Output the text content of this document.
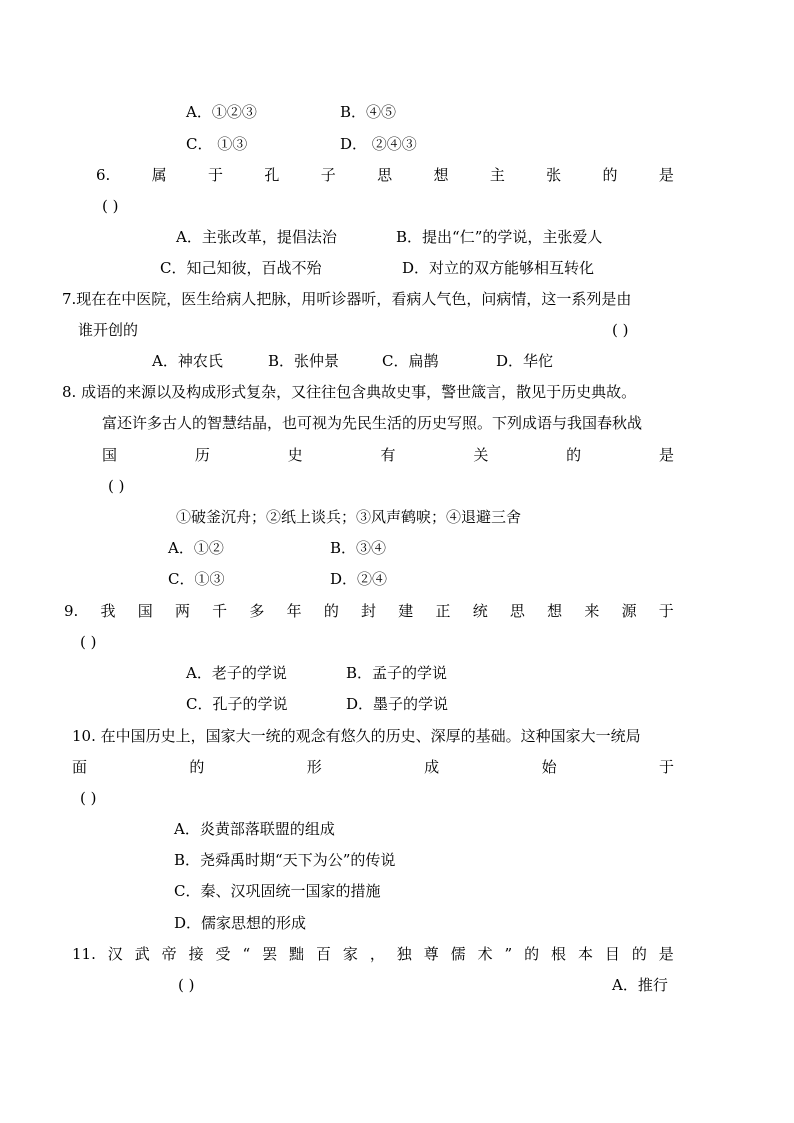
A．①②③	B．④⑤
C． ①③	D． ②④③
6.	属	于	孔	子	思	想	主	张	的	是
( )
A．主张改革，提倡法治	B．提出“仁”的学说，主张爱人
C．知己知彼，百战不殆	D．对立的双方能够相互转化
7.现在在中医院，医生给病人把脉，用听诊器听，看病人气色，问病情，这一系列是由
谁开创的	( )
A．神农氏	B．张仲景	C．扁鹊	D．华佗
8. 成语的来源以及构成形式复杂，又往往包含典故史事，警世箴言，散见于历史典故。
富还许多古人的智慧结晶，也可视为先民生活的历史写照。下列成语与我国春秋战
国	历	史	有	关	的	是
( )
①破釜沉舟；②纸上谈兵；③风声鹤唳；④退避三舍
A．①②	B．③④
C．①③	D．②④
9. 我 国 两 千 多 年 的 封 建 正 统 思 想 来 源 于
( )
A．老子的学说	B．孟子的学说
C．孔子的学说	D．墨子的学说
10. 在中国历史上，国家大一统的观念有悠久的历史、深厚的基础。这种国家大一统局
面	的	形	成	始	于
( )
A．炎黄部落联盟的组成
B．尧舜禹时期“天下为公”的传说
C．秦、汉巩固统一国家的措施
D．儒家思想的形成
11. 汉 武 帝 接 受 “ 罢 黜 百 家 ， 独 尊 儒 术 ” 的 根 本 目 的 是
( )	A．推行
